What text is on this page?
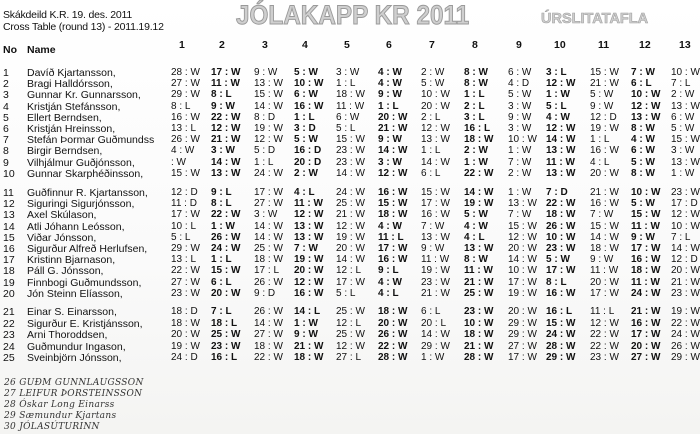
Skákdeild K.R. 19. des. 2011
Cross Table (round 13) - 2011.19.12	JÓLAKAPP KR 2011	ÚRSLITATAFLA
No Name	1	2	3	4	5	6	7	8	9	10	11	12	13
1 Davíð Kjartansson,	28 : W 17 : W 9 : W 5 : W 3 : W 4 : W 2 : W 8 : W 6 : W 3 : L 15 : W 7 : W 10 : W
2 Bragi Halldórsson,	27 : W 11 : W 13 : W 10 : W 1 : L 4 : W 5 : W 8 : W 4 : D 12 : W 21 : W 6 : L 7 : L
3 Gunnar Kr. Gunnarsson,	29 : W 8 : L 15 : W 6 : W 18 : W 9 : W 10 : W 1 : L 5 : W 1 : W 5 : W 10 : W 2 : W
4 Kristján Stefánsson,	8 : L 9 : W 14 : W 16 : W 11 : W 1 : L 20 : W 2 : L 3 : W 5 : L 9 : W 12 : W 13 : W
5 Ellert Berndsen,	16 : W 22 : W 8 : D 1 : L 6 : W 20 : W 2 : L 3 : L 9 : W 4 : W 12 : D 13 : W 6 : W
6 Kristján Hreinsson,	13 : L 12 : W 19 : W 3 : D 5 : L 21 : W 12 : W 16 : L 3 : W 12 : W 19 : W 8 : W 5 : W
7 Stefán Þormar Guðmundss 26 : W 21 : W 12 : W 5 : W 15 : W 9 : W 13 : W 18 : W 10 : W 14 : W 1 : L 4 : W 15 : W
8 Birgir Berndsen,	4 : W 3 : W 5 : D 16 : D 23 : W 14 : W 1 : L 2 : W 1 : W 13 : W 16 : W 6 : W 3 : W
9 Vilhjálmur Guðjónsson,	: W	14 : W 1 : L 20 : D 23 : W 3 : W 14 : W 1 : W 7 : W 11 : W 4 : L 5 : W 13 : W
10 Gunnar Skarphéðinsson,	15 : W 13 : W 24 : W 2 : W 14 : W 12 : W 6 : L 22 : W 2 : W 13 : W 20 : W 8 : W 1 : W
11 Guðfinnur R. Kjartansson, 12 : D 9 : L 17 : W 4 : L 24 : W 16 : W 15 : W 14 : W 1 : W 7 : D 21 : W 10 : W 23 : W
12 Siguringi Sigurjónsson,	11 : D 8 : L 27 : W 11 : W 25 : W 15 : W 17 : W 19 : W 13 : W 22 : W 16 : W 5 : W 17 : D
13 Axel Skúlason,	17 : W 22 : W 3 : W 12 : W 21 : W 18 : W 16 : W 5 : W 7 : W 18 : W 7 : W 15 : W 12 : W
14 Atli Jóhann Leósson,	10 : L 1 : W 14 : W 13 : W 12 : W 4 : W 7 : W 4 : W 15 : W 26 : W 15 : W 11 : W 10 : W
15 Viðar Jónsson,	5 : L 26 : W 14 : W 13 : W 19 : W 11 : L 13 : W 4 : L 12 : W 10 : W 14 : W 9 : W 7 : L
16 Sigurður Alfreð Herlufsen, 29 : W 24 : W 25 : W 7 : W 20 : W 17 : W 9 : W 13 : W 20 : W 23 : W 18 : W 17 : W 14 : W
17 Kristinn Bjarnason,	13 : L 1 : L 18 : W 19 : W 14 : W 16 : W 11 : W 8 : W 14 : W 5 : W 9 : W 16 : W 12 : D
18 Páll G. Jónsson,	22 : W 15 : W 17 : L 20 : W 12 : L 9 : L 19 : W 11 : W 10 : W 17 : W 11 : W 18 : W 20 : W
19 Finnbogi Guðmundsson,	27 : W 6 : L 26 : W 12 : W 17 : W 4 : W 23 : W 21 : W 17 : W 8 : L 20 : W 11 : W 21 : W
20 Jón Steinn Elíasson,	23 : W 20 : W 9 : D 16 : W 5 : L 4 : L 21 : W 25 : W 19 : W 16 : W 17 : W 24 : W 23 : W
21 Einar S. Einarsson,	18 : D 7 : L 26 : W 14 : L 25 : W 18 : W 6 : L 23 : W 20 : W 16 : L 11 : L 21 : W 19 : W
22 Sigurður E. Kristjánsson,	18 : W 18 : L 14 : W 1 : W 12 : L 20 : W 20 : L 10 : W 29 : W 15 : W 12 : W 16 : W 22 : W
23 Arni Thoroddsen,	20 : W 25 : W 27 : W 9 : W 25 : W 26 : W 14 : W 18 : W 29 : W 24 : W 22 : W 17 : W 24 : W
24 Guðmundur Ingason,	19 : W 23 : W 18 : W 21 : W 12 : W 22 : W 29 : W 21 : W 27 : W 28 : W 22 : W 20 : W 26 : W
25 Sveinbjörn Jónsson,	24 : D 16 : L 22 : W 18 : W 27 : L 28 : W 1 : W 28 : W 17 : W 29 : W 23 : W 27 : W 29 : W
26 GUÐM GUNNLAUGSSON
27 LEIFUR ÞORSTEINSSON
28 Óskar Long Einarss
29 Sæmundur Kjartans
30 JÓLASÚTURINN
